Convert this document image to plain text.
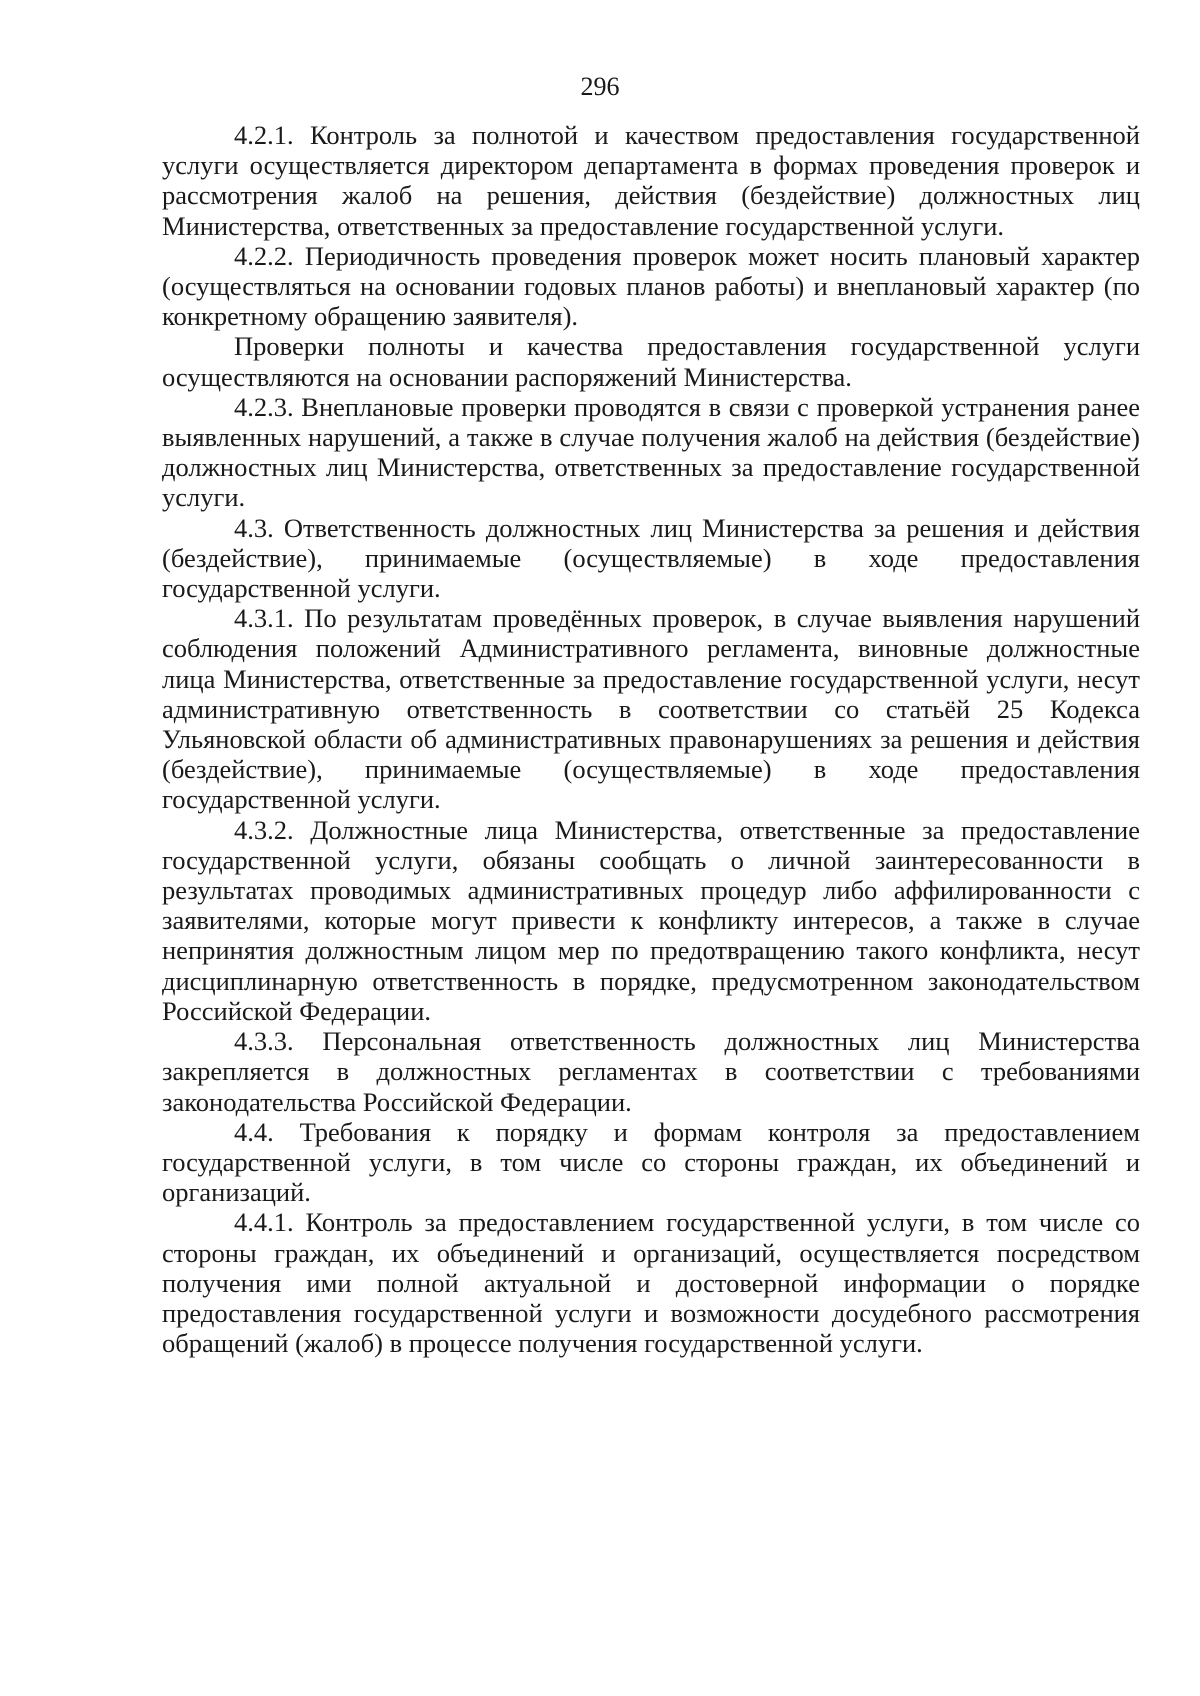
296

4.2.1. Контроль за полнотой и качеством предоставления государственной услуги осуществляется директором департамента в формах проведения проверок и рассмотрения жалоб на решения, действия (бездействие) должностных лиц Министерства, ответственных за предоставление государственной услуги.

4.2.2. Периодичность проведения проверок может носить плановый характер (осуществляться на основании годовых планов работы) и внеплановый характер (по конкретному обращению заявителя).

Проверки полноты и качества предоставления государственной услуги осуществляются на основании распоряжений Министерства.

4.2.3. Внеплановые проверки проводятся в связи с проверкой устранения ранее выявленных нарушений, а также в случае получения жалоб на действия (бездействие) должностных лиц Министерства, ответственных за предоставление государственной услуги.

4.3. Ответственность должностных лиц Министерства за решения и действия (бездействие), принимаемые (осуществляемые) в ходе предоставления государственной услуги.

4.3.1. По результатам проведённых проверок, в случае выявления нарушений соблюдения положений Административного регламента, виновные должностные лица Министерства, ответственные за предоставление государственной услуги, несут административную ответственность в соответствии со статьёй 25 Кодекса Ульяновской области об административных правонарушениях за решения и действия (бездействие), принимаемые (осуществляемые) в ходе предоставления государственной услуги.

4.3.2. Должностные лица Министерства, ответственные за предоставление государственной услуги, обязаны сообщать о личной заинтересованности в результатах проводимых административных процедур либо аффилированности с заявителями, которые могут привести к конфликту интересов, а также в случае непринятия должностным лицом мер по предотвращению такого конфликта, несут дисциплинарную ответственность в порядке, предусмотренном законодательством Российской Федерации.

4.3.3. Персональная ответственность должностных лиц Министерства закрепляется в должностных регламентах в соответствии с требованиями законодательства Российской Федерации.

4.4. Требования к порядку и формам контроля за предоставлением государственной услуги, в том числе со стороны граждан, их объединений и организаций.

4.4.1. Контроль за предоставлением государственной услуги, в том числе со стороны граждан, их объединений и организаций, осуществляется посредством получения ими полной актуальной и достоверной информации о порядке предоставления государственной услуги и возможности досудебного рассмотрения обращений (жалоб) в процессе получения государственной услуги.
